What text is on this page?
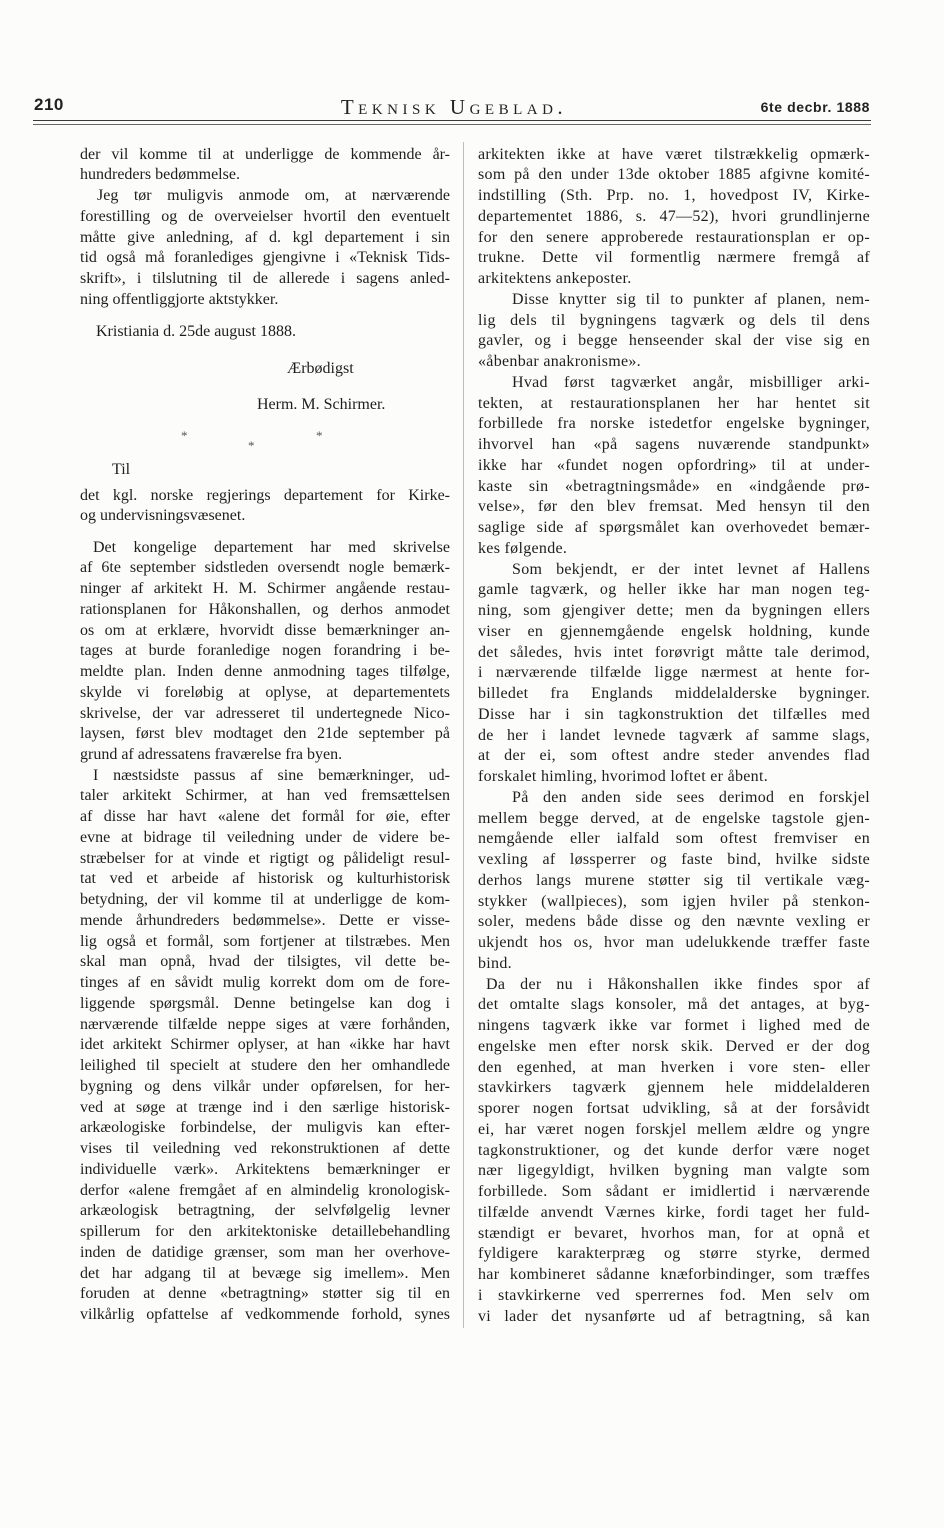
210	Teknisk Ugeblad.	6te decbr. 1888
der vil komme til at underligge de kommende år-
hundreders bedømmelse.
Jeg tør muligvis anmode om, at nærværende
forestilling og de overveielser hvortil den eventuelt
måtte give anledning, af d. kgl departement i sin
tid også må foranlediges gjengivne i «Teknisk Tids-
skrift», i tilslutning til de allerede i sagens anled-
ning offentliggjorte aktstykker.
Kristiania d. 25de august 1888.
Ærbødigst
Herm. M. Schirmer.
*
*
*
Til
det kgl. norske regjerings departement for Kirke-
og undervisningsvæsenet.
Det kongelige departement har med skrivelse
af 6te september sidstleden oversendt nogle bemærk-
ninger af arkitekt H. M. Schirmer angående restau-
rationsplanen for Håkonshallen, og derhos anmodet
os om at erklære, hvorvidt disse bemærkninger an-
tages at burde foranledige nogen forandring i be-
meldte plan. Inden denne anmodning tages tilfølge,
skylde vi foreløbig at oplyse, at departementets
skrivelse, der var adresseret til undertegnede Nico-
laysen, først blev modtaget den 21de september på
grund af adressatens fraværelse fra byen.
I næstsidste passus af sine bemærkninger, ud-
taler arkitekt Schirmer, at han ved fremsættelsen
af disse har havt «alene det formål for øie, efter
evne at bidrage til veiledning under de videre be-
stræbelser for at vinde et rigtigt og pålideligt resul-
tat ved et arbeide af historisk og kulturhistorisk
betydning, der vil komme til at underligge de kom-
mende århundreders bedømmelse». Dette er visse-
lig også et formål, som fortjener at tilstræbes. Men
skal man opnå, hvad der tilsigtes, vil dette be-
tinges af en såvidt mulig korrekt dom om de fore-
liggende spørgsmål. Denne betingelse kan dog i
nærværende tilfælde neppe siges at være forhånden,
idet arkitekt Schirmer oplyser, at han «ikke har havt
leilighed til specielt at studere den her omhandlede
bygning og dens vilkår under opførelsen, for her-
ved at søge at trænge ind i den særlige historisk-
arkæologiske forbindelse, der muligvis kan efter-
vises til veiledning ved rekonstruktionen af dette
individuelle værk». Arkitektens bemærkninger er
derfor «alene fremgået af en almindelig kronologisk-
arkæologisk betragtning, der selvfølgelig levner
spillerum for den arkitektoniske detaillebehandling
inden de datidige grænser, som man her overhove-
det har adgang til at bevæge sig imellem». Men
foruden at denne «betragtning» støtter sig til en
vilkårlig opfattelse af vedkommende forhold, synes
arkitekten ikke at have været tilstrækkelig opmærk-
som på den under 13de oktober 1885 afgivne komité-
indstilling (Sth. Prp. no. 1, hovedpost IV, Kirke-
departementet 1886, s. 47—52), hvori grundlinjerne
for den senere approberede restaurationsplan er op-
trukne. Dette vil formentlig nærmere fremgå af
arkitektens ankeposter.
Disse knytter sig til to punkter af planen, nem-
lig dels til bygningens tagværk og dels til dens
gavler, og i begge henseender skal der vise sig en
«åbenbar anakronisme».
Hvad først tagværket angår, misbilliger arki-
tekten, at restaurationsplanen her har hentet sit
forbillede fra norske istedetfor engelske bygninger,
ihvorvel han «på sagens nuværende standpunkt»
ikke har «fundet nogen opfordring» til at under-
kaste sin «betragtningsmåde» en «indgående prø-
velse», før den blev fremsat. Med hensyn til den
saglige side af spørgsmålet kan overhovedet bemær-
kes følgende.
Som bekjendt, er der intet levnet af Hallens
gamle tagværk, og heller ikke har man nogen teg-
ning, som gjengiver dette; men da bygningen ellers
viser en gjennemgående engelsk holdning, kunde
det således, hvis intet forøvrigt måtte tale derimod,
i nærværende tilfælde ligge nærmest at hente for-
billedet fra Englands middelalderske bygninger.
Disse har i sin tagkonstruktion det tilfælles med
de her i landet levnede tagværk af samme slags,
at der ei, som oftest andre steder anvendes flad
forskalet himling, hvorimod loftet er åbent.
På den anden side sees derimod en forskjel
mellem begge derved, at de engelske tagstole gjen-
nemgående eller ialfald som oftest fremviser en
vexling af løssperrer og faste bind, hvilke sidste
derhos langs murene støtter sig til vertikale væg-
stykker (wallpieces), som igjen hviler på stenkon-
soler, medens både disse og den nævnte vexling er
ukjendt hos os, hvor man udelukkende træffer faste
bind.
Da der nu i Håkonshallen ikke findes spor af
det omtalte slags konsoler, må det antages, at byg-
ningens tagværk ikke var formet i lighed med de
engelske men efter norsk skik. Derved er der dog
den egenhed, at man hverken i vore sten- eller
stavkirkers tagværk gjennem hele middelalderen
sporer nogen fortsat udvikling, så at der forsåvidt
ei, har været nogen forskjel mellem ældre og yngre
tagkonstruktioner, og det kunde derfor være noget
nær ligegyldigt, hvilken bygning man valgte som
forbillede. Som sådant er imidlertid i nærværende
tilfælde anvendt Værnes kirke, fordi taget her fuld-
stændigt er bevaret, hvorhos man, for at opnå et
fyldigere karakterpræg og større styrke, dermed
har kombineret sådanne knæforbindinger, som træffes
i stavkirkerne ved sperrernes fod. Men selv om
vi lader det nysanførte ud af betragtning, så kan
